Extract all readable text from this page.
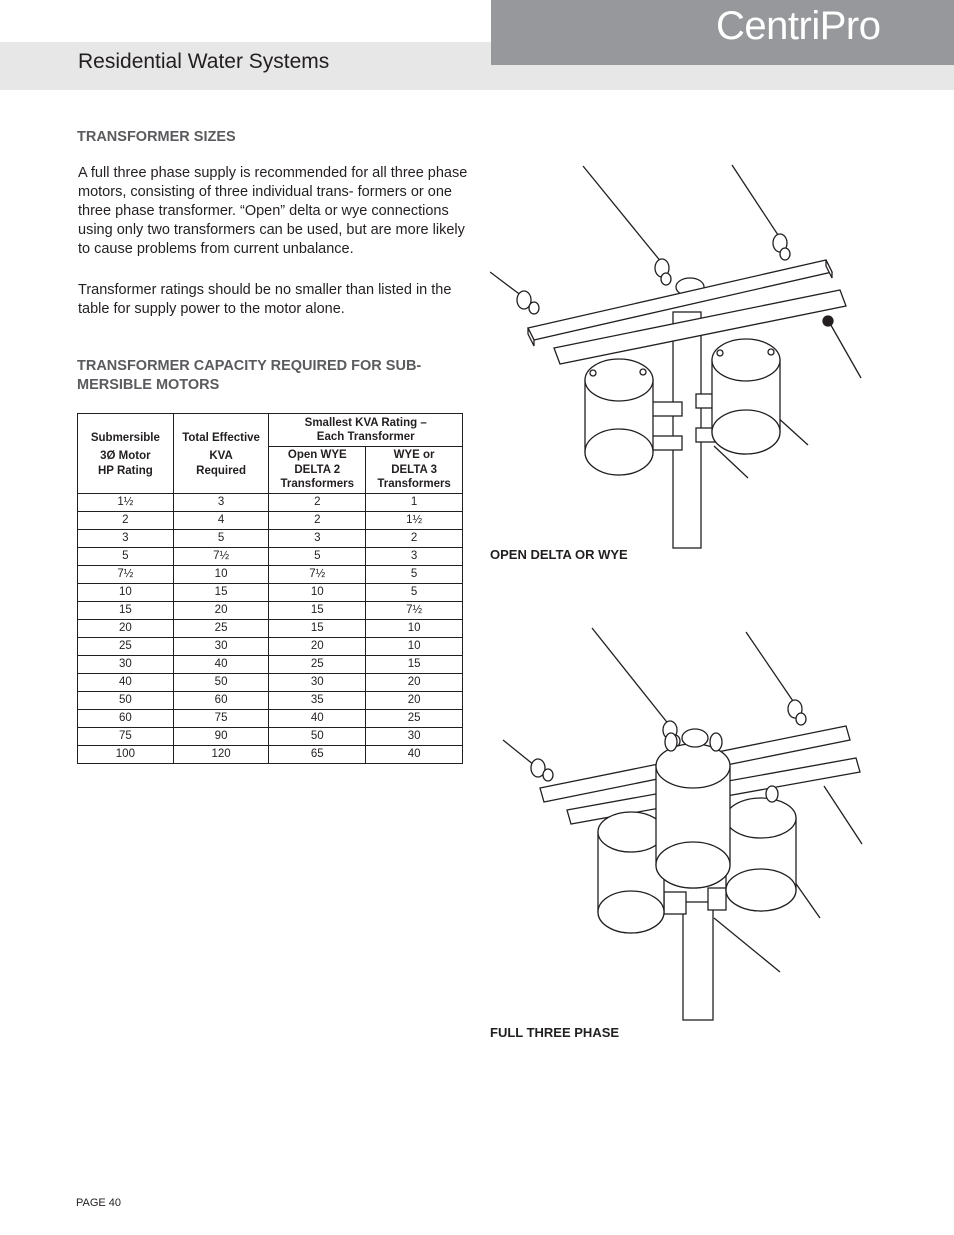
Residential Water Systems
CentriPro
TRANSFORMER SIZES

A full three phase supply is recommended for all three phase motors, consisting of three individual trans- formers or one three phase transformer. “Open” delta or wye connections using only two transformers can be used, but are more likely to cause problems from current unbalance.

Transformer ratings should be no smaller than listed in the table for supply power to the motor alone.

TRANSFORMER CAPACITY REQUIRED FOR SUB-
MERSIBLE MOTORS
Submersible
3Ø Motor
HP Rating	Total Effective
KVA
Required	Smallest KVA Rating –
Each Transformer	

		Open WYE
DELTA 2
Transformers	WYE or
DELTA 3
Transformers

1½	3	2	1
2	4	2	1½
3	5	3	2
5	7½	5	3
7½	10	7½	5
10	15	10	5
15	20	15	7½
20	25	15	10
25	30	20	10
30	40	25	15
40	50	30	20
50	60	35	20
60	75	40	25
75	90	50	30
100	120	65	40
OPEN DELTA OR WYE
FULL THREE PHASE
PAGE 40
